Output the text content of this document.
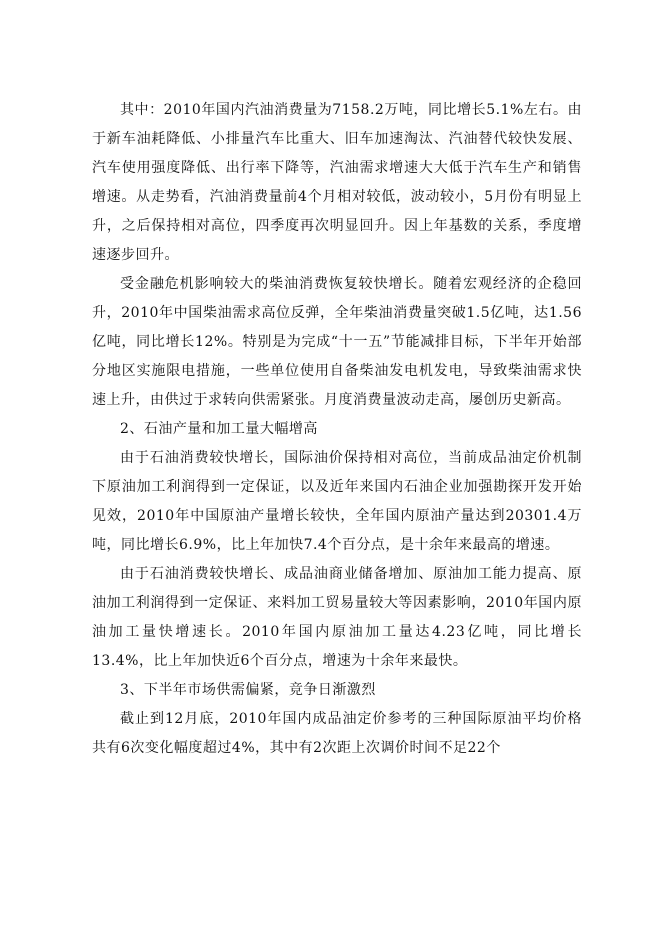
其中：2010年国内汽油消费量为7158.2万吨，同比增长5.1%左右。由于新车油耗降低、小排量汽车比重大、旧车加速淘汰、汽油替代较快发展、汽车使用强度降低、出行率下降等，汽油需求增速大大低于汽车生产和销售增速。从走势看，汽油消费量前4个月相对较低，波动较小，5月份有明显上升，之后保持相对高位，四季度再次明显回升。因上年基数的关系，季度增速逐步回升。

受金融危机影响较大的柴油消费恢复较快增长。随着宏观经济的企稳回升，2010年中国柴油需求高位反弹，全年柴油消费量突破1.5亿吨，达1.56亿吨，同比增长12%。特别是为完成“十一五”节能减排目标，下半年开始部分地区实施限电措施，一些单位使用自备柴油发电机发电，导致柴油需求快速上升，由供过于求转向供需紧张。月度消费量波动走高，屡创历史新高。

2、石油产量和加工量大幅增高

由于石油消费较快增长，国际油价保持相对高位，当前成品油定价机制下原油加工利润得到一定保证，以及近年来国内石油企业加强勘探开发开始见效，2010年中国原油产量增长较快，全年国内原油产量达到20301.4万吨，同比增长6.9%，比上年加快7.4个百分点，是十余年来最高的增速。

由于石油消费较快增长、成品油商业储备增加、原油加工能力提高、原油加工利润得到一定保证、来料加工贸易量较大等因素影响，2010年国内原油加工量快增速长。2010年国内原油加工量达4.23亿吨，同比增长13.4%，比上年加快近6个百分点，增速为十余年来最快。

3、下半年市场供需偏紧，竞争日渐激烈

截止到12月底，2010年国内成品油定价参考的三种国际原油平均价格共有6次变化幅度超过4%，其中有2次距上次调价时间不足22个
